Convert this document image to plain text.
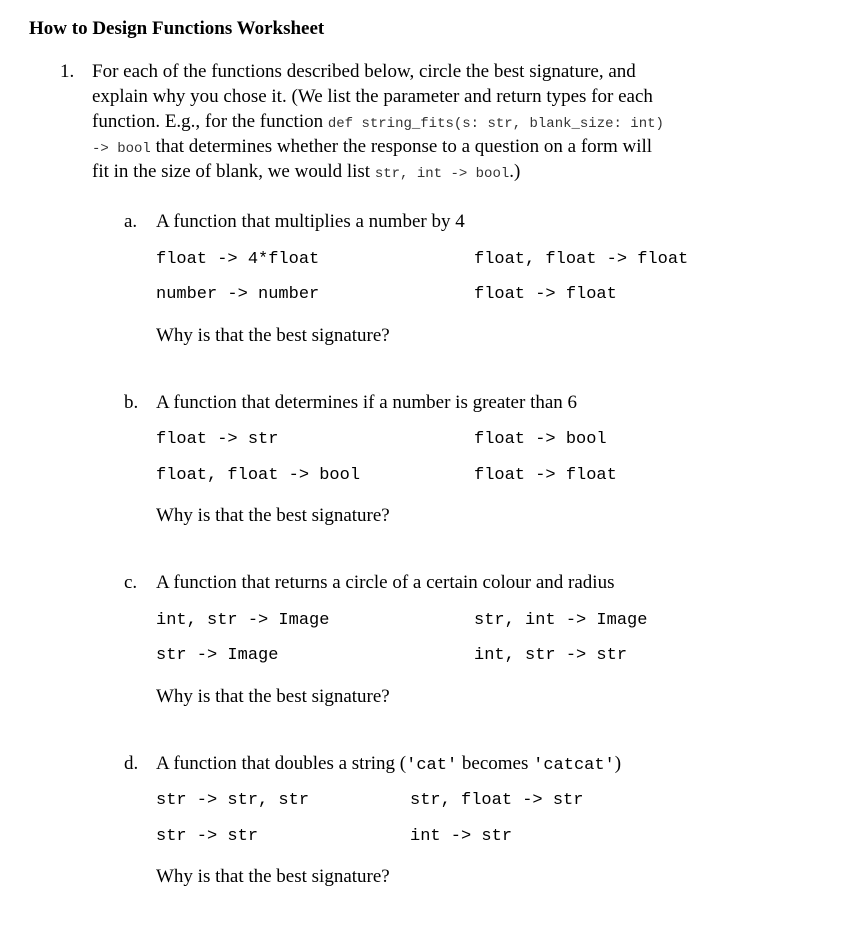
How to Design Functions Worksheet
1. For each of the functions described below, circle the best signature, and
explain why you chose it. (We list the parameter and return types for each
function. E.g., for the function def string_fits(s: str, blank_size: int)
-> bool that determines whether the response to a question on a form will
fit in the size of blank, we would list str, int -> bool.)
a. A function that multiplies a number by 4
float -> 4*float	float, float -> float
number -> number	float -> float
Why is that the best signature?
b. A function that determines if a number is greater than 6
float -> str	float -> bool
float, float -> bool	float -> float
Why is that the best signature?
c. A function that returns a circle of a certain colour and radius
int, str -> Image	str, int -> Image
str -> Image	int, str -> str
Why is that the best signature?
d. A function that doubles a string ('cat' becomes 'catcat')
str -> str, str	str, float -> str
str -> str	int -> str
Why is that the best signature?
